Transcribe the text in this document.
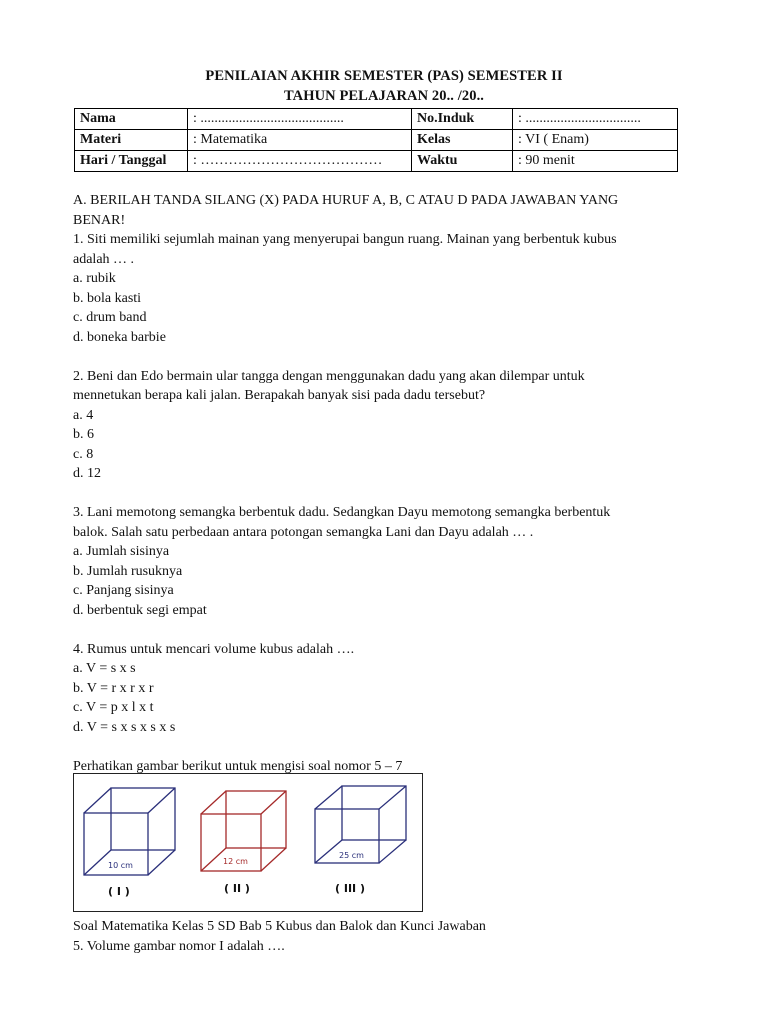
PENILAIAN AKHIR SEMESTER (PAS) SEMESTER II
TAHUN PELAJARAN 20.. /20..
Nama	: .........................................	No.Induk	: .................................
Materi	: Matematika	Kelas	: VI ( Enam)
Hari / Tanggal	: …………………………………	Waktu	: 90 menit
A. BERILAH TANDA SILANG (X) PADA HURUF A, B, C ATAU D PADA JAWABAN YANG
BENAR!
1. Siti memiliki sejumlah mainan yang menyerupai bangun ruang. Mainan yang berbentuk kubus
adalah … .
a. rubik
b. bola kasti
c. drum band
d. boneka barbie
2. Beni dan Edo bermain ular tangga dengan menggunakan dadu yang akan dilempar untuk
mennetukan berapa kali jalan. Berapakah banyak sisi pada dadu tersebut?
a. 4
b. 6
c. 8
d. 12
3. Lani memotong semangka berbentuk dadu. Sedangkan Dayu memotong semangka berbentuk
balok. Salah satu perbedaan antara potongan semangka Lani dan Dayu adalah … .
a. Jumlah sisinya
b. Jumlah rusuknya
c. Panjang sisinya
d. berbentuk segi empat
4. Rumus untuk mencari volume kubus adalah ….
a. V = s x s
b. V = r x r x r
c. V = p x l x t
d. V = s x s x s x s
Perhatikan gambar berikut untuk mengisi soal nomor 5 – 7
10 cm
( I )
12 cm
( II )
25 cm
( III )
Soal Matematika Kelas 5 SD Bab 5 Kubus dan Balok dan Kunci Jawaban
5. Volume gambar nomor I adalah ….
